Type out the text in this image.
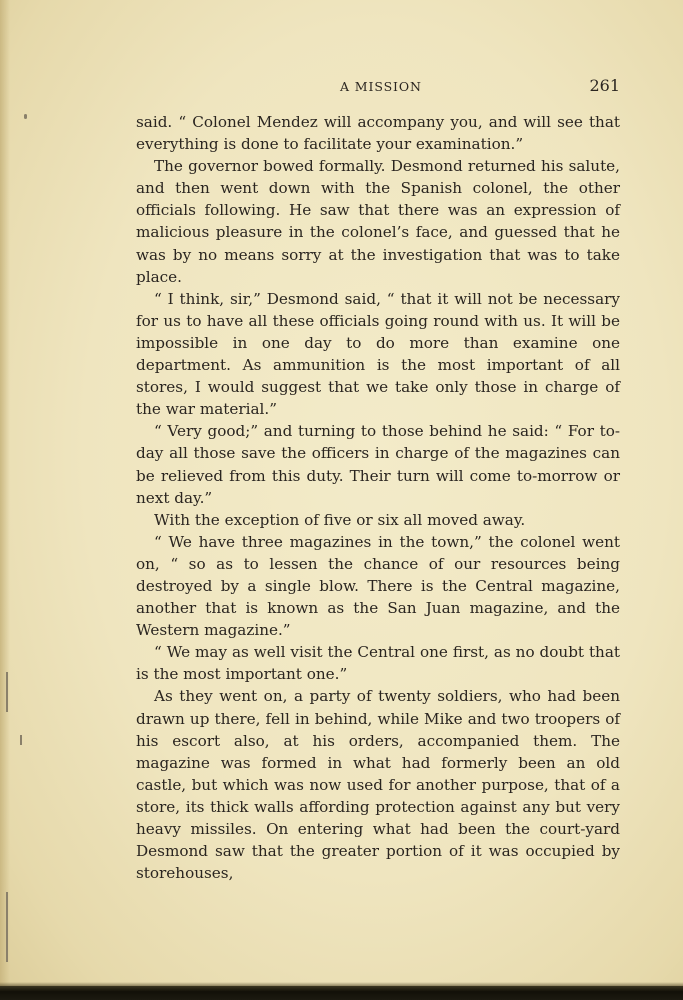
A MISSION	261

said. “ Colonel Mendez will accompany you, and will see that everything is done to facilitate your examination.”

The governor bowed formally. Desmond returned his salute, and then went down with the Spanish colonel, the other officials following. He saw that there was an expression of malicious pleasure in the colonel’s face, and guessed that he was by no means sorry at the investigation that was to take place.

“ I think, sir,” Desmond said, “ that it will not be necessary for us to have all these officials going round with us. It will be impossible in one day to do more than examine one department. As ammunition is the most important of all stores, I would suggest that we take only those in charge of the war material.”

“ Very good;” and turning to those behind he said: “ For to-day all those save the officers in charge of the magazines can be relieved from this duty. Their turn will come to-morrow or next day.”

With the exception of five or six all moved away.

“ We have three magazines in the town,” the colonel went on, “ so as to lessen the chance of our resources being destroyed by a single blow. There is the Central magazine, another that is known as the San Juan magazine, and the Western magazine.”

“ We may as well visit the Central one first, as no doubt that is the most important one.”

As they went on, a party of twenty soldiers, who had been drawn up there, fell in behind, while Mike and two troopers of his escort also, at his orders, accompanied them. The magazine was formed in what had formerly been an old castle, but which was now used for another purpose, that of a store, its thick walls affording protection against any but very heavy missiles. On entering what had been the court-yard Desmond saw that the greater portion of it was occupied by storehouses,
